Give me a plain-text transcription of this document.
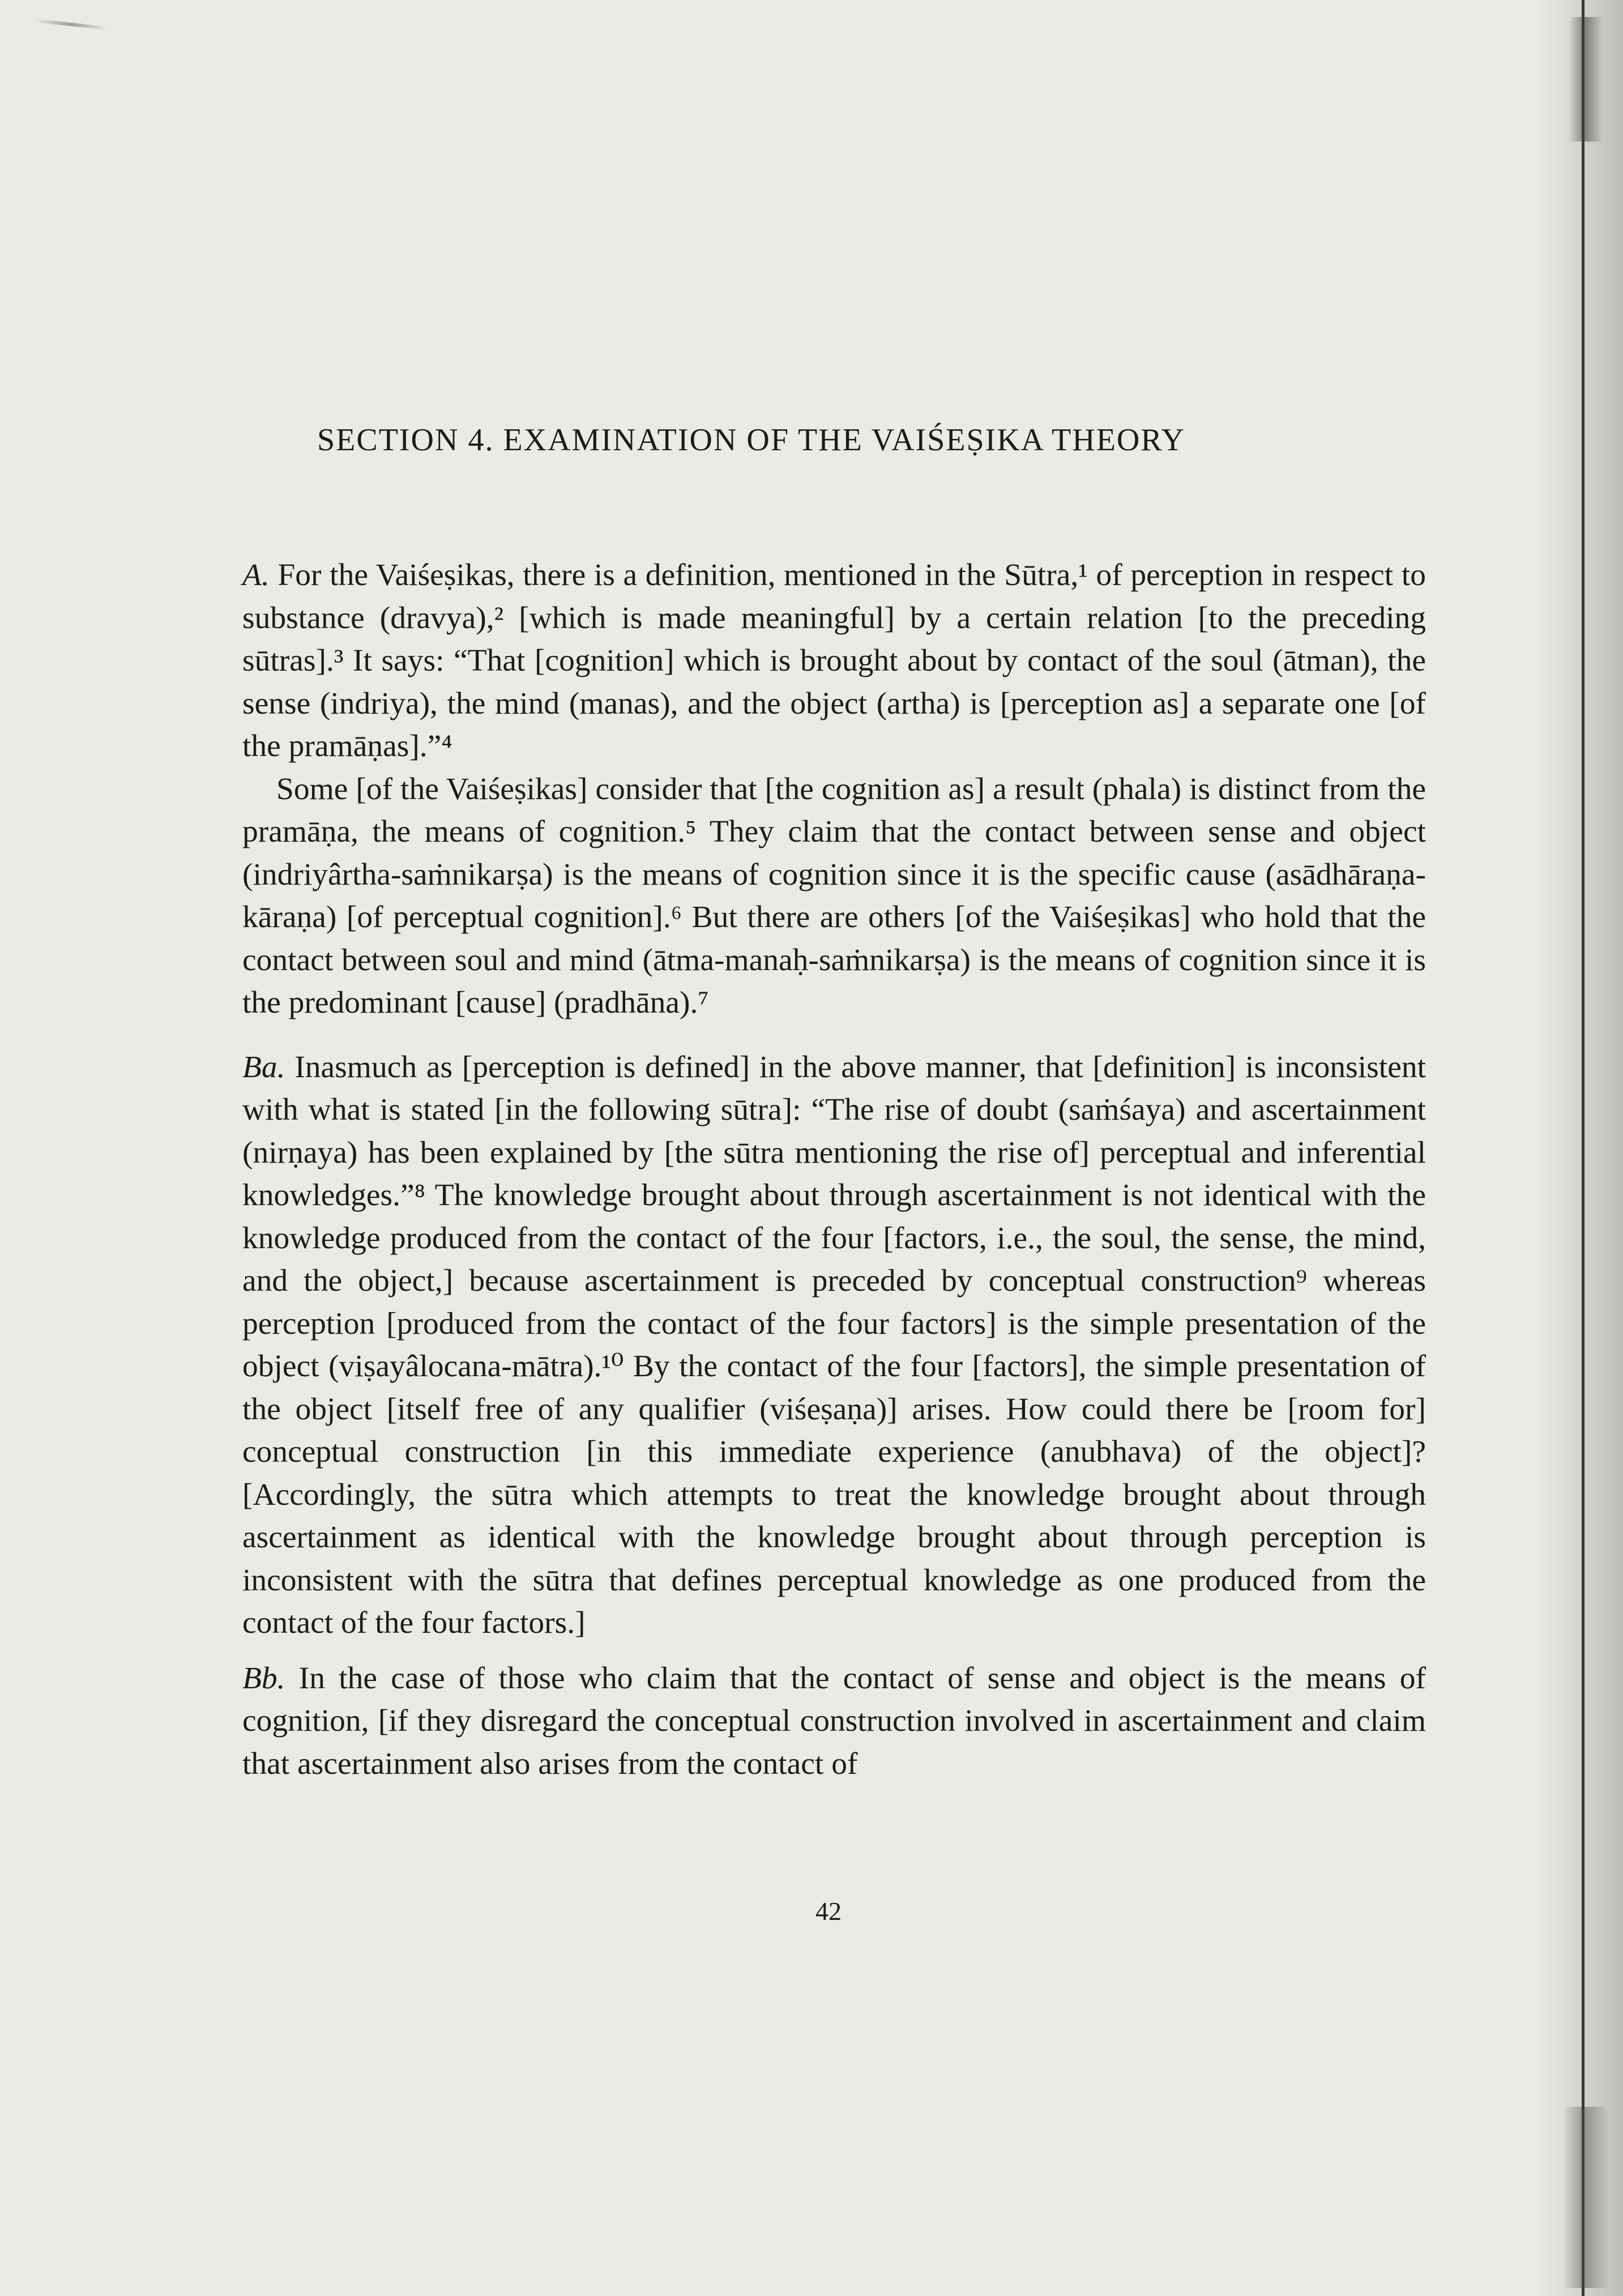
SECTION 4. EXAMINATION OF THE VAIŚEṢIKA THEORY

A. For the Vaiśeṣikas, there is a definition, mentioned in the Sūtra,¹ of perception in respect to substance (dravya),² [which is made meaningful] by a certain relation [to the preceding sūtras].³ It says: “That [cognition] which is brought about by contact of the soul (ātman), the sense (indriya), the mind (manas), and the object (artha) is [perception as] a separate one [of the pramāṇas].”⁴

Some [of the Vaiśeṣikas] consider that [the cognition as] a result (phala) is distinct from the pramāṇa, the means of cognition.⁵ They claim that the contact between sense and object (indriyârtha-saṁnikarṣa) is the means of cognition since it is the specific cause (asādhāraṇa-kāraṇa) [of perceptual cognition].⁶ But there are others [of the Vaiśeṣikas] who hold that the contact between soul and mind (ātma-manaḥ-saṁnikarṣa) is the means of cognition since it is the predominant [cause] (pradhāna).⁷

Ba. Inasmuch as [perception is defined] in the above manner, that [definition] is inconsistent with what is stated [in the following sūtra]: “The rise of doubt (saṁśaya) and ascertainment (nirṇaya) has been explained by [the sūtra mentioning the rise of] perceptual and inferential knowledges.”⁸ The knowledge brought about through ascertainment is not identical with the knowledge produced from the contact of the four [factors, i.e., the soul, the sense, the mind, and the object,] because ascertainment is preceded by conceptual construction⁹ whereas perception [produced from the contact of the four factors] is the simple presentation of the object (viṣayâlocana-mātra).¹⁰ By the contact of the four [factors], the simple presentation of the object [itself free of any qualifier (viśeṣaṇa)] arises. How could there be [room for] conceptual construction [in this immediate experience (anubhava) of the object]? [Accordingly, the sūtra which attempts to treat the knowledge brought about through ascertainment as identical with the knowledge brought about through perception is inconsistent with the sūtra that defines perceptual knowledge as one produced from the contact of the four factors.]

Bb. In the case of those who claim that the contact of sense and object is the means of cognition, [if they disregard the conceptual construction involved in ascertainment and claim that ascertainment also arises from the contact of

42
